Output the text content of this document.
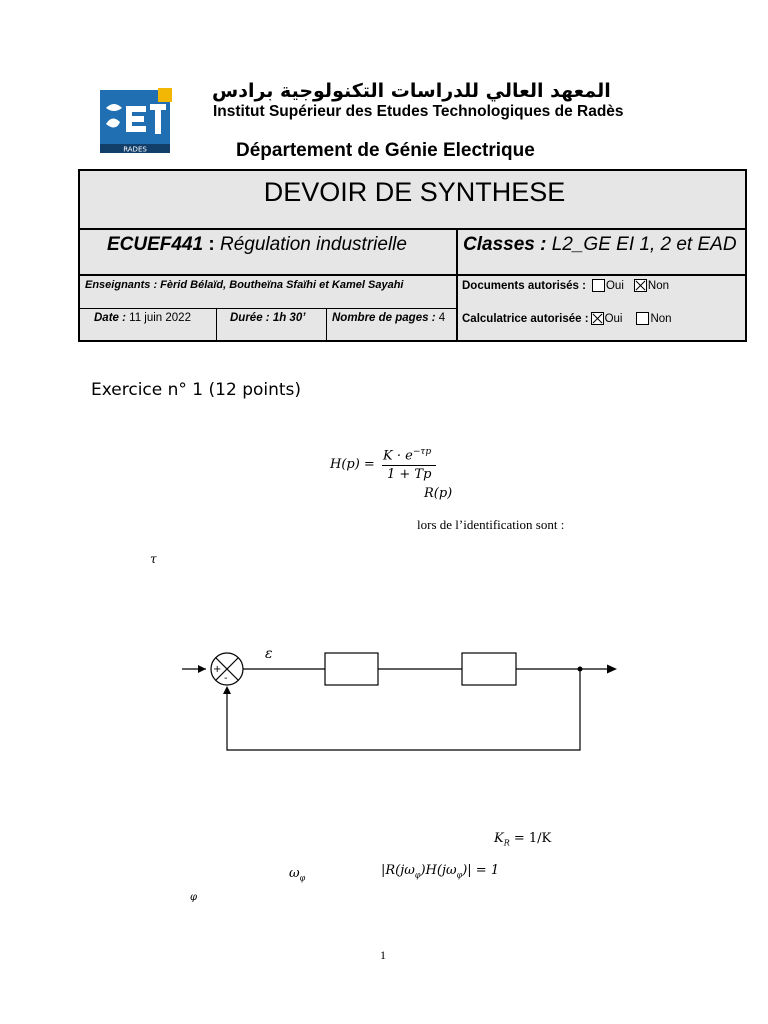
RADES
المعهد العالي للدراسات التكنولوجية برادس
Institut Supérieur des Etudes Technologiques de Radès
Département de Génie Electrique
DEVOIR DE SYNTHESE
ECUEF441 : Régulation industrielle	Classes : L2_GE EI 1, 2 et EAD
Enseignants : Fèrid Bélaïd, Bouthеïna Sfaïhi et Kamel Sayahi	Documents autorisés : Oui Non
Date : 11 juin 2022	Durée : 1h 30’	Nombre de pages : 4	Calculatrice autorisée : Oui Non
Exercice n° 1 (12 points)
H(p) =
$K \cdot e^{-\tau p}$
1 + Tp
R(p)
lors de l’identification sont :
τ
+
-
ε
$K_R = 1/K$
$\omega_\varphi$
$|R(j\omega_\varphi)H(j\omega_\varphi)| = 1$
φ
1
